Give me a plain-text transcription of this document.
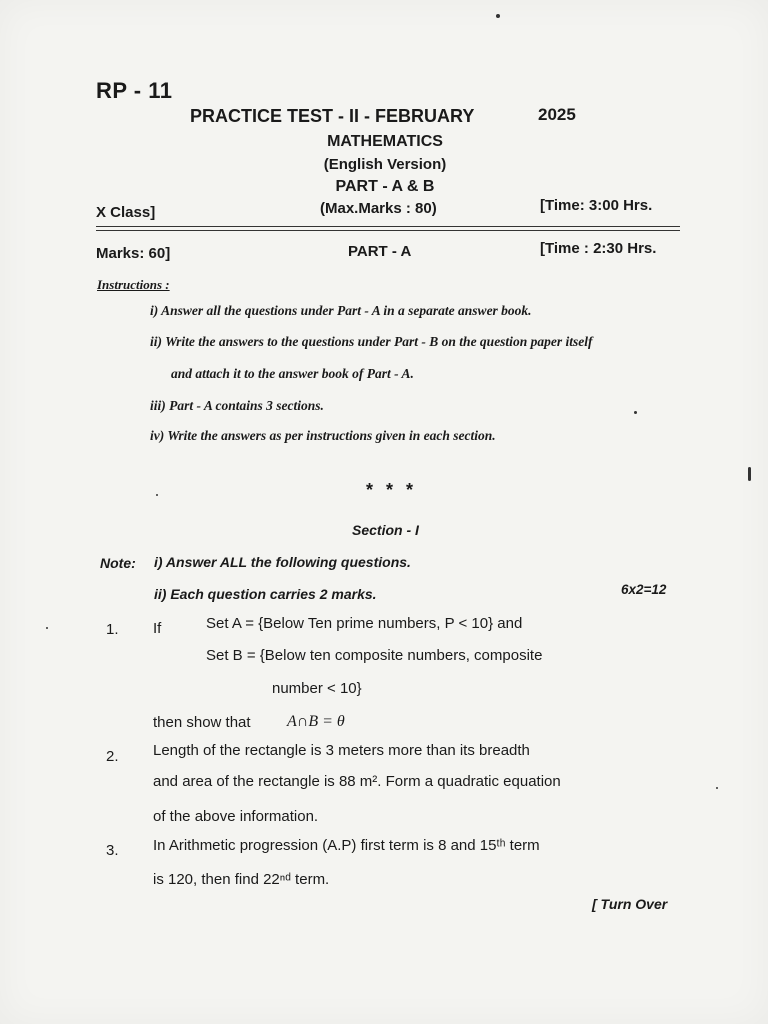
RP - 11
PRACTICE TEST - II - FEBRUARY	2025
MATHEMATICS
(English Version)
PART - A & B
X Class]	(Max.Marks : 80)	[Time: 3:00 Hrs.
Marks: 60]	PART - A	[Time : 2:30 Hrs.
Instructions :
i) Answer all the questions under Part - A in a separate answer book.
ii) Write the answers to the questions under Part - B on the question paper itself
and attach it to the answer book of Part - A.
iii) Part - A contains 3 sections.
iv) Write the answers as per instructions given in each section.
* * *
Section - I
Note: i) Answer ALL the following questions.
ii) Each question carries 2 marks.	6x2=12
1. If	Set A = {Below Ten prime numbers, P < 10} and
Set B = {Below ten composite numbers, composite
number < 10}
then show that A∩B = θ
2. Length of the rectangle is 3 meters more than its breadth
and area of the rectangle is 88 m². Form a quadratic equation
of the above information.
3. In Arithmetic progression (A.P) first term is 8 and 15ᵗʰ term
is 120, then find 22ⁿᵈ term.
[ Turn Over
